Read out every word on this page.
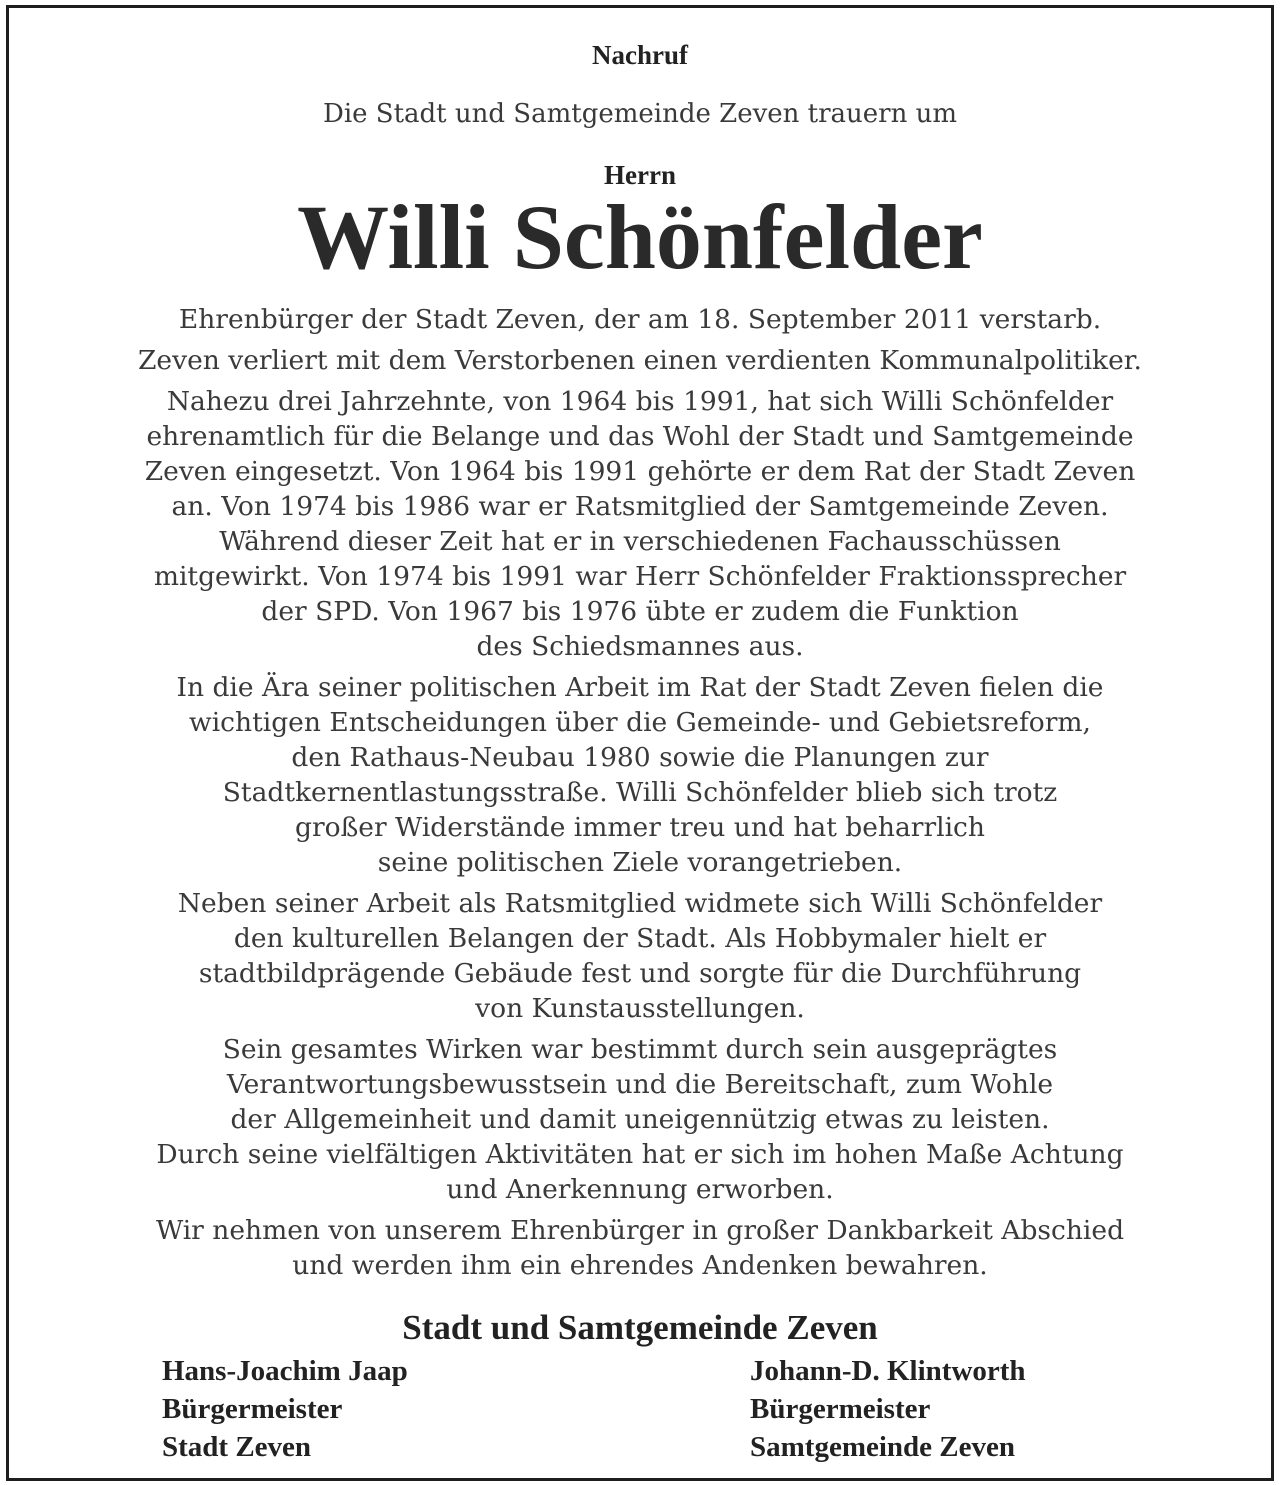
Nachruf
Die Stadt und Samtgemeinde Zeven trauern um
Herrn
Willi Schönfelder

Ehrenbürger der Stadt Zeven, der am 18. September 2011 verstarb.

Zeven verliert mit dem Verstorbenen einen verdienten Kommunalpolitiker.

Nahezu drei Jahrzehnte, von 1964 bis 1991, hat sich Willi Schönfelder
ehrenamtlich für die Belange und das Wohl der Stadt und Samtgemeinde
Zeven eingesetzt. Von 1964 bis 1991 gehörte er dem Rat der Stadt Zeven
an. Von 1974 bis 1986 war er Ratsmitglied der Samtgemeinde Zeven.
Während dieser Zeit hat er in verschiedenen Fachausschüssen
mitgewirkt. Von 1974 bis 1991 war Herr Schönfelder Fraktionssprecher
der SPD. Von 1967 bis 1976 übte er zudem die Funktion
des Schiedsmannes aus.

In die Ära seiner politischen Arbeit im Rat der Stadt Zeven fielen die
wichtigen Entscheidungen über die Gemeinde- und Gebietsreform,
den Rathaus-Neubau 1980 sowie die Planungen zur
Stadtkernentlastungsstraße. Willi Schönfelder blieb sich trotz
großer Widerstände immer treu und hat beharrlich
seine politischen Ziele vorangetrieben.

Neben seiner Arbeit als Ratsmitglied widmete sich Willi Schönfelder
den kulturellen Belangen der Stadt. Als Hobbymaler hielt er
stadtbildprägende Gebäude fest und sorgte für die Durchführung
von Kunstausstellungen.

Sein gesamtes Wirken war bestimmt durch sein ausgeprägtes
Verantwortungsbewusstsein und die Bereitschaft, zum Wohle
der Allgemeinheit und damit uneigennützig etwas zu leisten.
Durch seine vielfältigen Aktivitäten hat er sich im hohen Maße Achtung
und Anerkennung erworben.

Wir nehmen von unserem Ehrenbürger in großer Dankbarkeit Abschied
und werden ihm ein ehrendes Andenken bewahren.

Stadt und Samtgemeinde Zeven
Hans-Joachim Jaap
Bürgermeister
Stadt Zeven
Johann-D. Klintworth
Bürgermeister
Samtgemeinde Zeven
